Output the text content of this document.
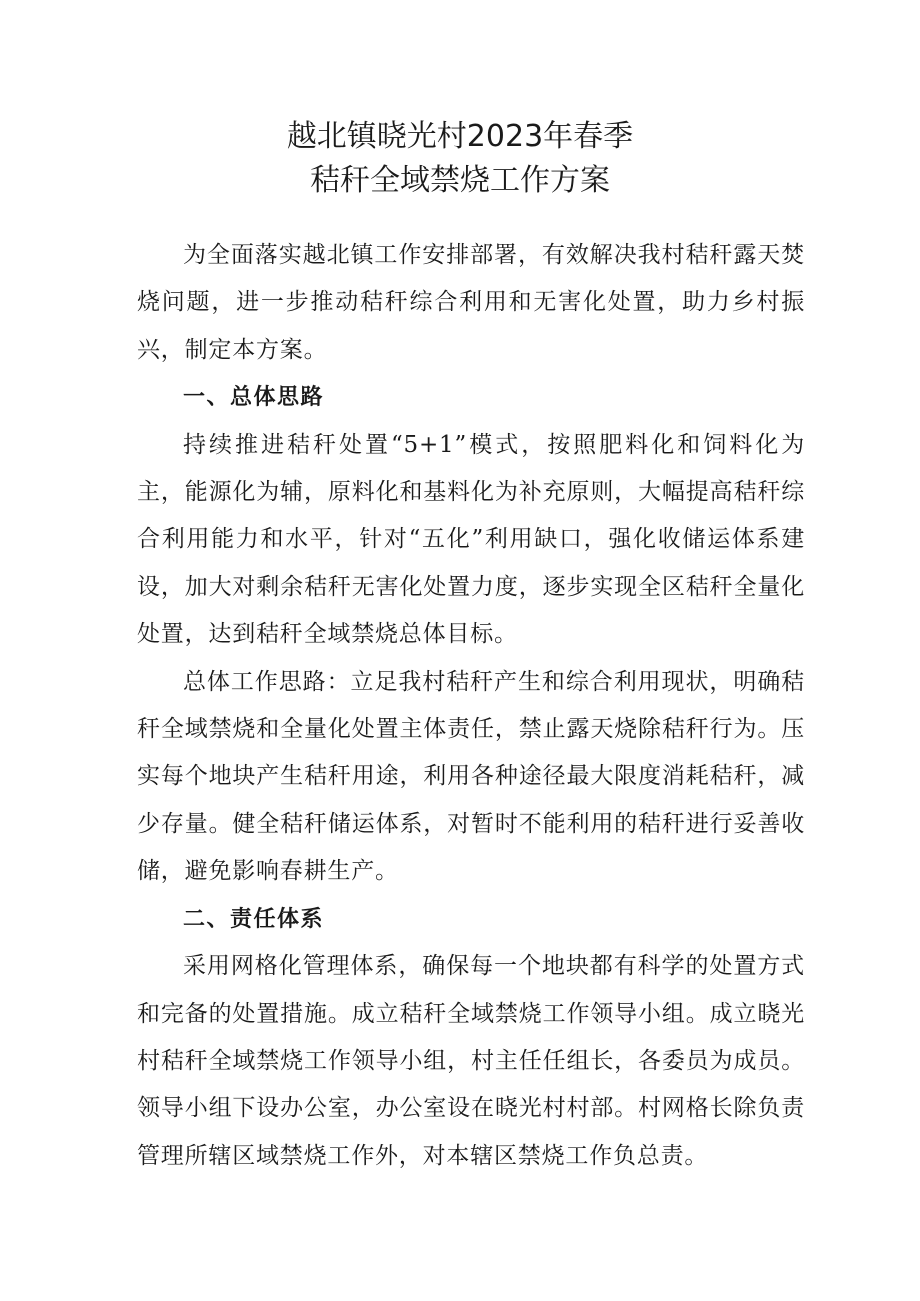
越北镇晓光村2023年春季
秸秆全域禁烧工作方案

为全面落实越北镇工作安排部署，有效解决我村秸秆露天焚烧问题，进一步推动秸秆综合利用和无害化处置，助力乡村振兴，制定本方案。

一、总体思路

持续推进秸秆处置“5+1”模式，按照肥料化和饲料化为主，能源化为辅，原料化和基料化为补充原则，大幅提高秸秆综合利用能力和水平，针对“五化”利用缺口，强化收储运体系建设，加大对剩余秸秆无害化处置力度，逐步实现全区秸秆全量化处置，达到秸秆全域禁烧总体目标。

总体工作思路：立足我村秸秆产生和综合利用现状，明确秸秆全域禁烧和全量化处置主体责任，禁止露天烧除秸秆行为。压实每个地块产生秸秆用途，利用各种途径最大限度消耗秸秆，减少存量。健全秸秆储运体系，对暂时不能利用的秸秆进行妥善收储，避免影响春耕生产。

二、责任体系

采用网格化管理体系，确保每一个地块都有科学的处置方式和完备的处置措施。成立秸秆全域禁烧工作领导小组。成立晓光村秸秆全域禁烧工作领导小组，村主任任组长，各委员为成员。领导小组下设办公室，办公室设在晓光村村部。村网格长除负责管理所辖区域禁烧工作外，对本辖区禁烧工作负总责。
